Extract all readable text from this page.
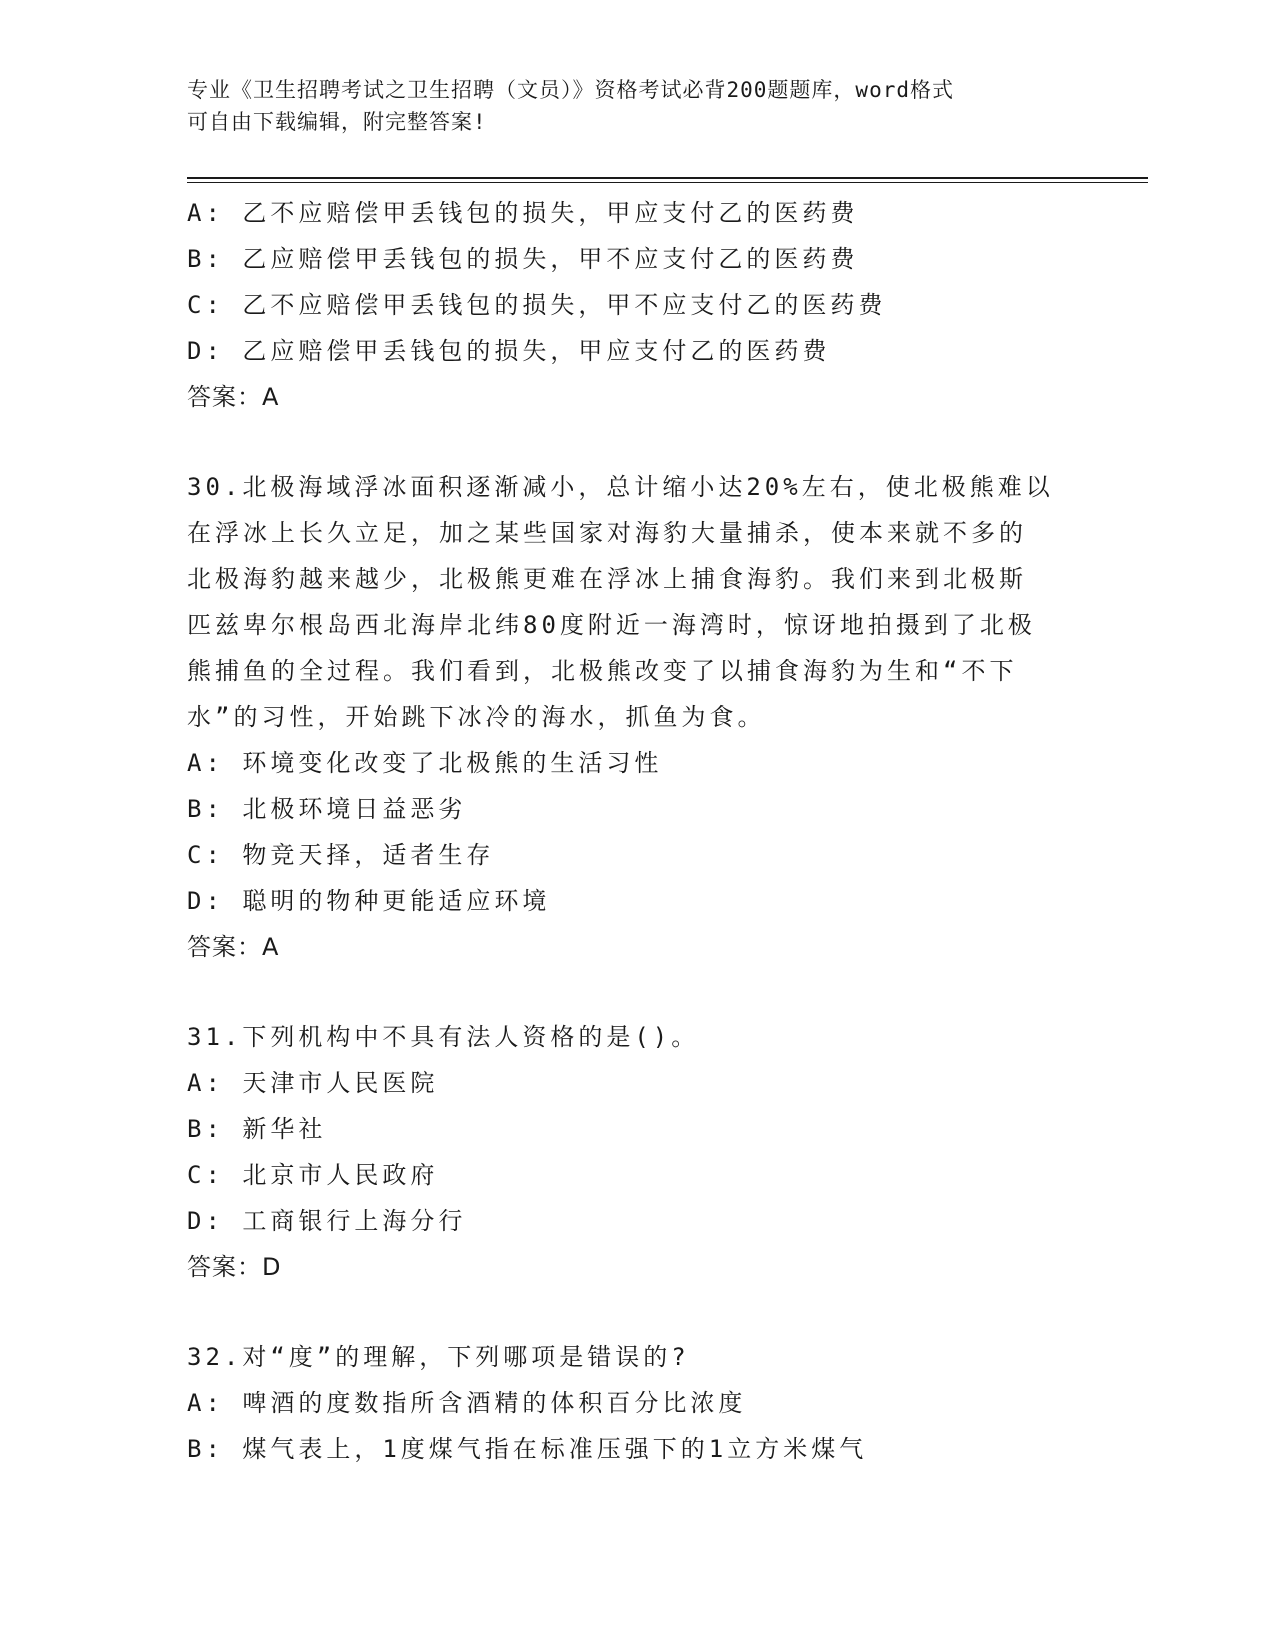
专业《卫生招聘考试之卫生招聘（文员）》资格考试必背200题题库，word格式
可自由下载编辑，附完整答案!
A: 乙不应赔偿甲丢钱包的损失，甲应支付乙的医药费
B: 乙应赔偿甲丢钱包的损失，甲不应支付乙的医药费
C: 乙不应赔偿甲丢钱包的损失，甲不应支付乙的医药费
D: 乙应赔偿甲丢钱包的损失，甲应支付乙的医药费
答案：A
30.北极海域浮冰面积逐渐减小，总计缩小达20%左右，使北极熊难以
在浮冰上长久立足，加之某些国家对海豹大量捕杀，使本来就不多的
北极海豹越来越少，北极熊更难在浮冰上捕食海豹。我们来到北极斯
匹兹卑尔根岛西北海岸北纬80度附近一海湾时，惊讶地拍摄到了北极
熊捕鱼的全过程。我们看到，北极熊改变了以捕食海豹为生和“不下
水”的习性，开始跳下冰冷的海水，抓鱼为食。
A: 环境变化改变了北极熊的生活习性
B: 北极环境日益恶劣
C: 物竞天择，适者生存
D: 聪明的物种更能适应环境
答案：A
31.下列机构中不具有法人资格的是()。
A: 天津市人民医院
B: 新华社
C: 北京市人民政府
D: 工商银行上海分行
答案：D
32.对“度”的理解，下列哪项是错误的?
A: 啤酒的度数指所含酒精的体积百分比浓度
B: 煤气表上，1度煤气指在标准压强下的1立方米煤气
